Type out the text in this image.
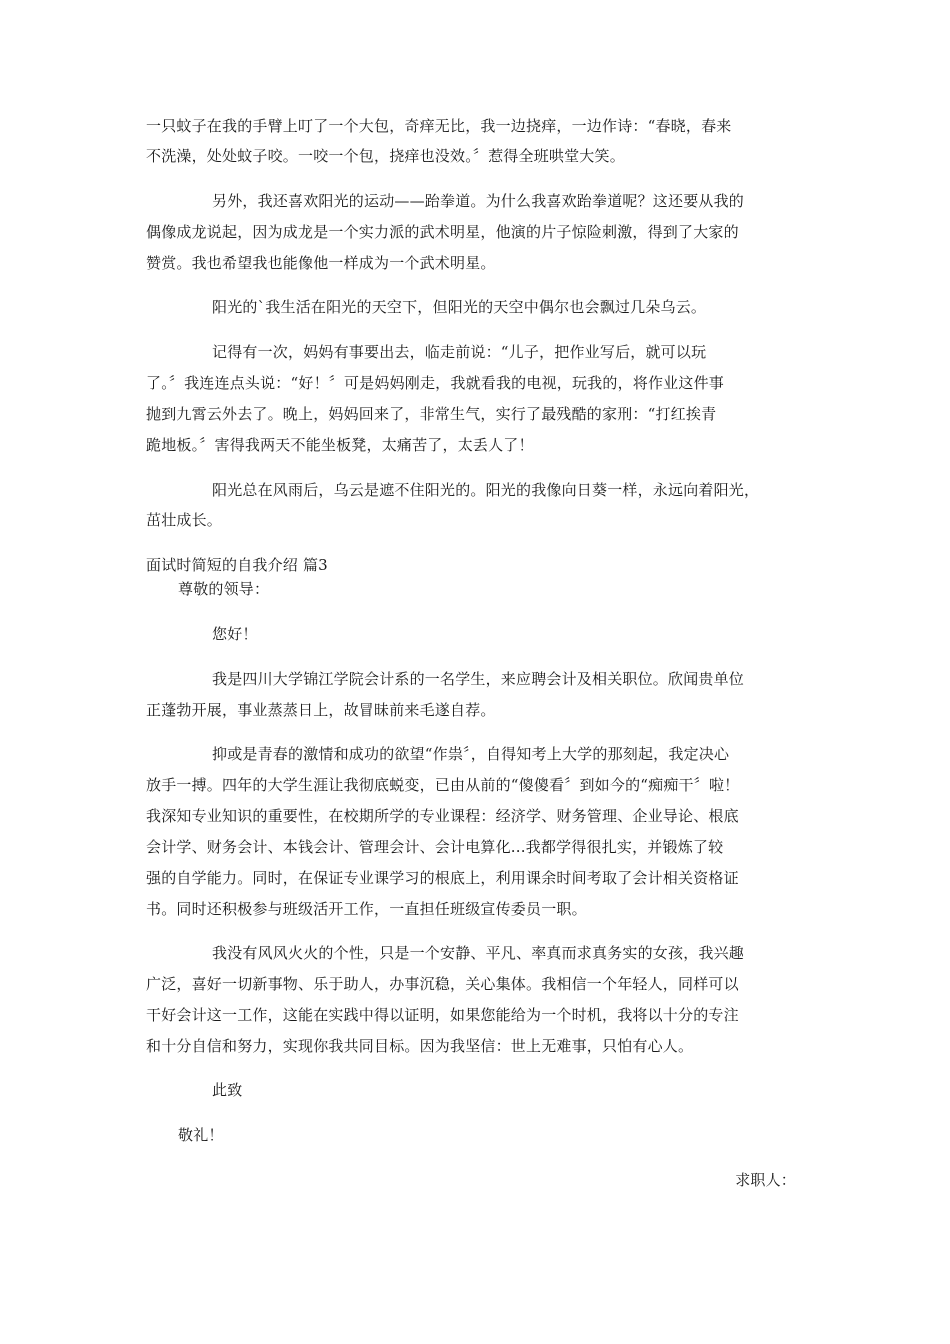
一只蚊子在我的手臂上叮了一个大包，奇痒无比，我一边挠痒，一边作诗：“春晓，春来
不洗澡，处处蚊子咬。一咬一个包，挠痒也没效。〞惹得全班哄堂大笑。
另外，我还喜欢阳光的运动——跆拳道。为什么我喜欢跆拳道呢？这还要从我的
偶像成龙说起，因为成龙是一个实力派的武术明星，他演的片子惊险刺激，得到了大家的
赞赏。我也希望我也能像他一样成为一个武术明星。
阳光的`我生活在阳光的天空下，但阳光的天空中偶尔也会飘过几朵乌云。
记得有一次，妈妈有事要出去，临走前说：“儿子，把作业写后，就可以玩
了。〞我连连点头说：“好！〞可是妈妈刚走，我就看我的电视，玩我的，将作业这件事
抛到九霄云外去了。晚上，妈妈回来了，非常生气，实行了最残酷的家刑：“打红挨青
跪地板。〞害得我两天不能坐板凳，太痛苦了，太丢人了！
阳光总在风雨后，乌云是遮不住阳光的。阳光的我像向日葵一样，永远向着阳光，
茁壮成长。
面试时简短的自我介绍 篇3
尊敬的领导：
您好！
我是四川大学锦江学院会计系的一名学生，来应聘会计及相关职位。欣闻贵单位
正蓬勃开展，事业蒸蒸日上，故冒昧前来毛遂自荐。
抑或是青春的激情和成功的欲望“作祟〞，自得知考上大学的那刻起，我定决心
放手一搏。四年的大学生涯让我彻底蜕变，已由从前的“傻傻看〞到如今的“痴痴干〞啦！
我深知专业知识的重要性，在校期所学的专业课程：经济学、财务管理、企业导论、根底
会计学、财务会计、本钱会计、管理会计、会计电算化...我都学得很扎实，并锻炼了较
强的自学能力。同时，在保证专业课学习的根底上，利用课余时间考取了会计相关资格证
书。同时还积极参与班级活开工作，一直担任班级宣传委员一职。
我没有风风火火的个性，只是一个安静、平凡、率真而求真务实的女孩，我兴趣
广泛，喜好一切新事物、乐于助人，办事沉稳，关心集体。我相信一个年轻人，同样可以
干好会计这一工作，这能在实践中得以证明，如果您能给为一个时机，我将以十分的专注
和十分自信和努力，实现你我共同目标。因为我坚信：世上无难事，只怕有心人。
此致
敬礼！
求职人：
